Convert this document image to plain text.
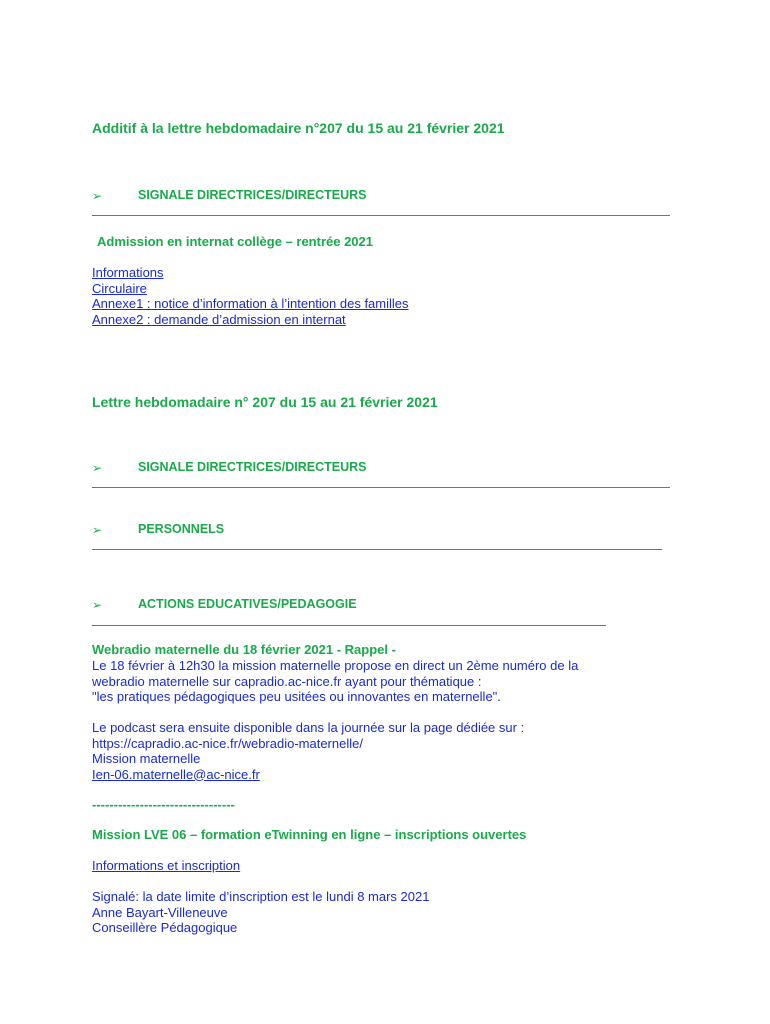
Additif à la lettre hebdomadaire n°207 du 15 au 21 février 2021
➢	SIGNALE DIRECTRICES/DIRECTEURS
Admission en internat collège – rentrée 2021
Informations
Circulaire
Annexe1 : notice d’information à l’intention des familles
Annexe2 : demande d’admission en internat
Lettre hebdomadaire n° 207 du 15 au 21 février 2021
➢	SIGNALE DIRECTRICES/DIRECTEURS
➢	PERSONNELS
➢	ACTIONS EDUCATIVES/PEDAGOGIE
Webradio maternelle du 18 février 2021 - Rappel -
Le 18 février à 12h30 la mission maternelle propose en direct un 2ème numéro de la
webradio maternelle sur capradio.ac-nice.fr ayant pour thématique :
"les pratiques pédagogiques peu usitées ou innovantes en maternelle".
Le podcast sera ensuite disponible dans la journée sur la page dédiée sur :
https://capradio.ac-nice.fr/webradio-maternelle/
Mission maternelle
Ien-06.maternelle@ac-nice.fr
---------------------------------
Mission LVE 06 – formation eTwinning en ligne – inscriptions ouvertes
Informations et inscription
Signalé: la date limite d’inscription est le lundi 8 mars 2021
Anne Bayart-Villeneuve
Conseillère Pédagogique
